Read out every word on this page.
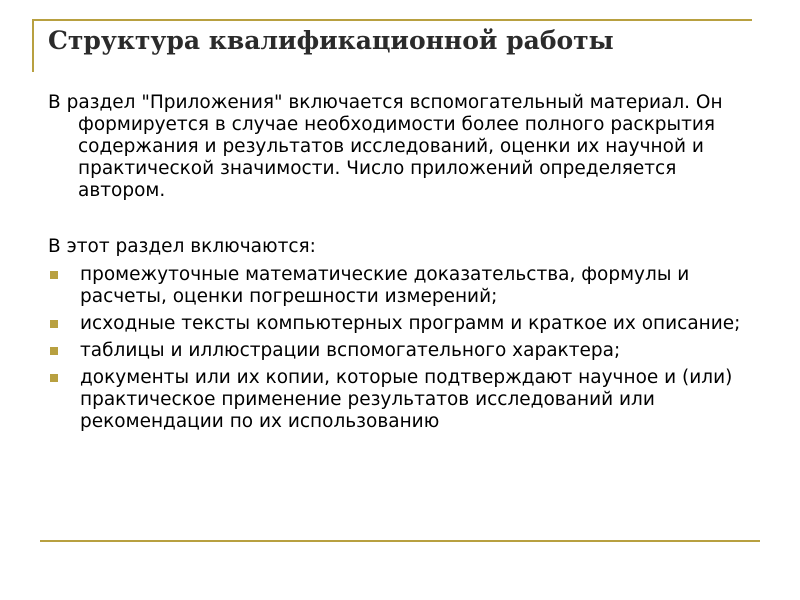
Структура квалификационной работы

В раздел "Приложения" включается вспомогательный материал. Он формируется в случае необходимости более полного раскрытия содержания и результатов исследований, оценки их научной и практической значимости. Число приложений определяется автором.

В этот раздел включаются:

промежуточные математические доказательства, формулы и расчеты, оценки погрешности измерений;
исходные тексты компьютерных программ и краткое их описание;
таблицы и иллюстрации вспомогательного характера;
документы или их копии, которые подтверждают научное и (или) практическое применение результатов исследований или рекомендации по их использованию
